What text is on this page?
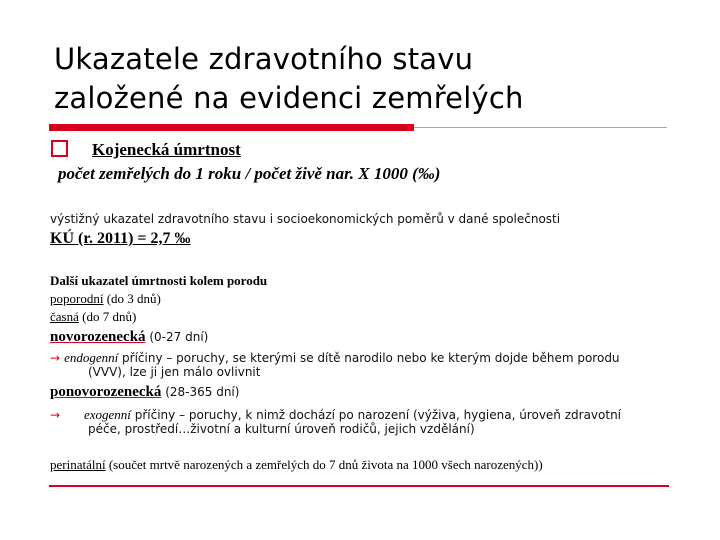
Ukazatele zdravotního stavu
založené na evidenci zemřelých
Kojenecká úmrtnost
počet zemřelých do 1 roku / počet živě nar. X 1000 (‰)
výstižný ukazatel zdravotního stavu i socioekonomických poměrů v dané společnosti
KÚ (r. 2011) = 2,7 ‰
Další ukazatel úmrtnosti kolem porodu
poporodní (do 3 dnů)
časná (do 7 dnů)
novorozenecká (0-27 dní)
→ endogenní příčiny – poruchy, se kterými se dítě narodilo nebo ke kterým dojde během porodu
(VVV), lze ji jen málo ovlivnit
ponovorozenecká (28-365 dní)
→ exogenní příčiny – poruchy, k nimž dochází po narození (výživa, hygiena, úroveň zdravotní
péče, prostředí…životní a kulturní úroveň rodičů, jejich vzdělání)
perinatální (součet mrtvě narozených a zemřelých do 7 dnů života na 1000 všech narozených))
